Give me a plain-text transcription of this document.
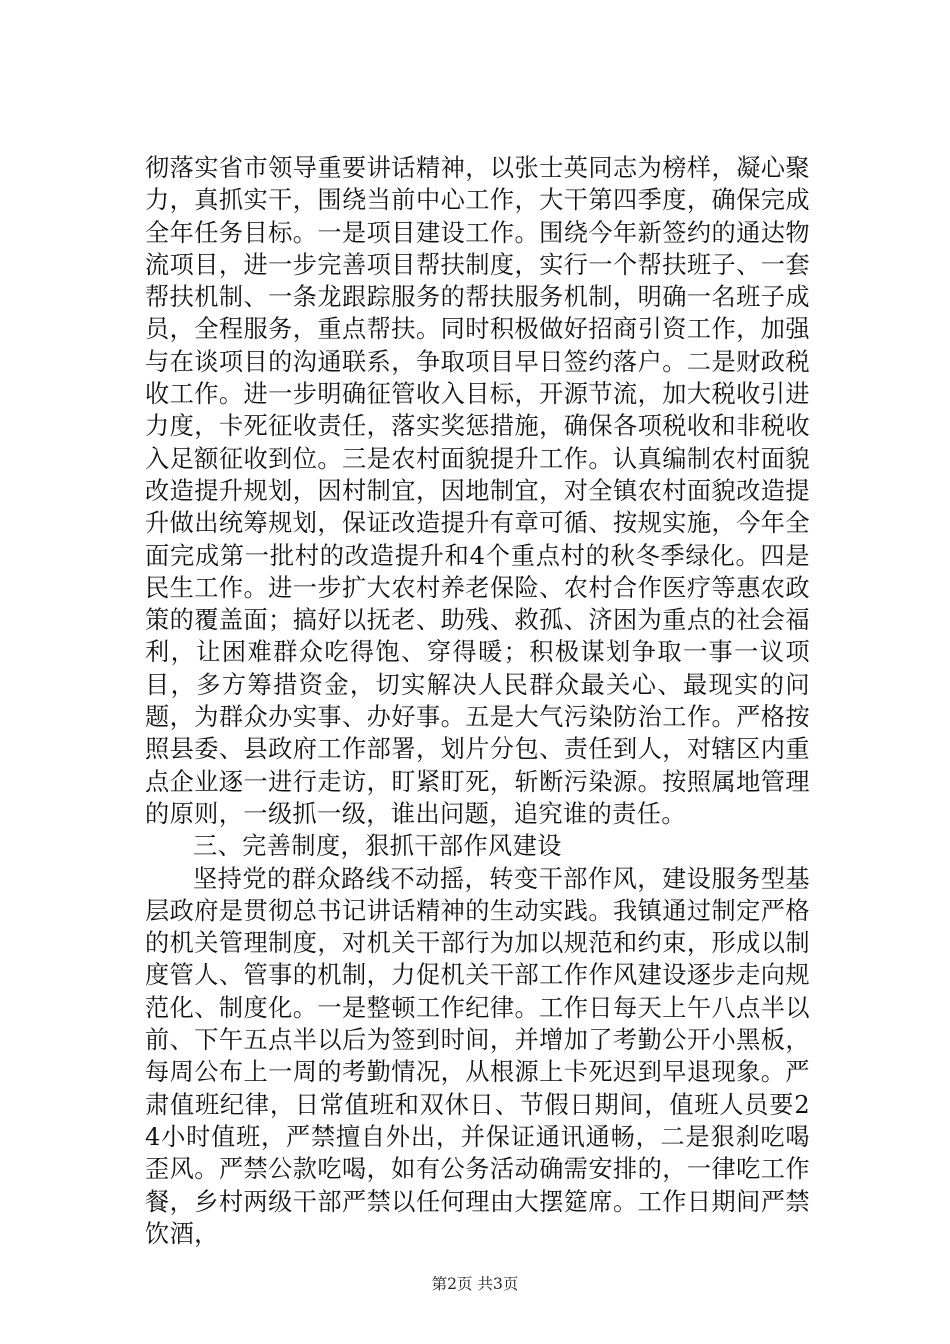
彻落实省市领导重要讲话精神，以张士英同志为榜样，凝心聚力，真抓实干，围绕当前中心工作，大干第四季度，确保完成全年任务目标。一是项目建设工作。围绕今年新签约的通达物流项目，进一步完善项目帮扶制度，实行一个帮扶班子、一套帮扶机制、一条龙跟踪服务的帮扶服务机制，明确一名班子成员，全程服务，重点帮扶。同时积极做好招商引资工作，加强与在谈项目的沟通联系，争取项目早日签约落户。二是财政税收工作。进一步明确征管收入目标，开源节流，加大税收引进力度，卡死征收责任，落实奖惩措施，确保各项税收和非税收入足额征收到位。三是农村面貌提升工作。认真编制农村面貌改造提升规划，因村制宜，因地制宜，对全镇农村面貌改造提升做出统筹规划，保证改造提升有章可循、按规实施，今年全面完成第一批村的改造提升和4个重点村的秋冬季绿化。四是民生工作。进一步扩大农村养老保险、农村合作医疗等惠农政策的覆盖面；搞好以抚老、助残、救孤、济困为重点的社会福利，让困难群众吃得饱、穿得暖；积极谋划争取一事一议项目，多方筹措资金，切实解决人民群众最关心、最现实的问题，为群众办实事、办好事。五是大气污染防治工作。严格按照县委、县政府工作部署，划片分包、责任到人，对辖区内重点企业逐一进行走访，盯紧盯死，斩断污染源。按照属地管理的原则，一级抓一级，谁出问题，追究谁的责任。

三、完善制度，狠抓干部作风建设

坚持党的群众路线不动摇，转变干部作风，建设服务型基层政府是贯彻总书记讲话精神的生动实践。我镇通过制定严格的机关管理制度，对机关干部行为加以规范和约束，形成以制度管人、管事的机制，力促机关干部工作作风建设逐步走向规范化、制度化。一是整顿工作纪律。工作日每天上午八点半以前、下午五点半以后为签到时间，并增加了考勤公开小黑板，每周公布上一周的考勤情况，从根源上卡死迟到早退现象。严肃值班纪律，日常值班和双休日、节假日期间，值班人员要24小时值班，严禁擅自外出，并保证通讯通畅，二是狠刹吃喝歪风。严禁公款吃喝，如有公务活动确需安排的，一律吃工作餐，乡村两级干部严禁以任何理由大摆筵席。工作日期间严禁饮酒，

第2页 共3页
